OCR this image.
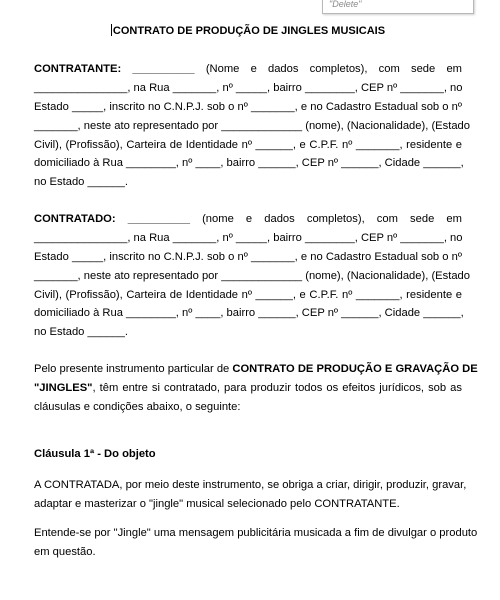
"Delete"
CONTRATO DE PRODUÇÃO DE JINGLES MUSICAIS
CONTRATANTE: __________ (Nome e dados completos), com sede em
_______________, na Rua _______, nº _____, bairro ________, CEP nº _______, no
Estado _____, inscrito no C.N.P.J. sob o nº _______, e no Cadastro Estadual sob o nº
_______, neste ato representado por _____________ (nome), (Nacionalidade), (Estado
Civil), (Profissão), Carteira de Identidade nº ______, e C.P.F. nº _______, residente e
domiciliado à Rua ________, nº ____, bairro ______, CEP nº ______, Cidade ______,
no Estado ______.
CONTRATADO: __________ (nome e dados completos), com sede em
_______________, na Rua _______, nº _____, bairro ________, CEP nº _______, no
Estado _____, inscrito no C.N.P.J. sob o nº _______, e no Cadastro Estadual sob o nº
_______, neste ato representado por _____________ (nome), (Nacionalidade), (Estado
Civil), (Profissão), Carteira de Identidade nº ______, e C.P.F. nº _______, residente e
domiciliado à Rua ________, nº ____, bairro ______, CEP nº ______, Cidade ______,
no Estado ______.
Pelo presente instrumento particular de CONTRATO DE PRODUÇÃO E GRAVAÇÃO DE
"JINGLES", têm entre si contratado, para produzir todos os efeitos jurídicos, sob as
cláusulas e condições abaixo, o seguinte:
Cláusula 1ª - Do objeto
A CONTRATADA, por meio deste instrumento, se obriga a criar, dirigir, produzir, gravar,
adaptar e masterizar o "jingle" musical selecionado pelo CONTRATANTE.
Entende-se por "Jingle" uma mensagem publicitária musicada a fim de divulgar o produto
em questão.
